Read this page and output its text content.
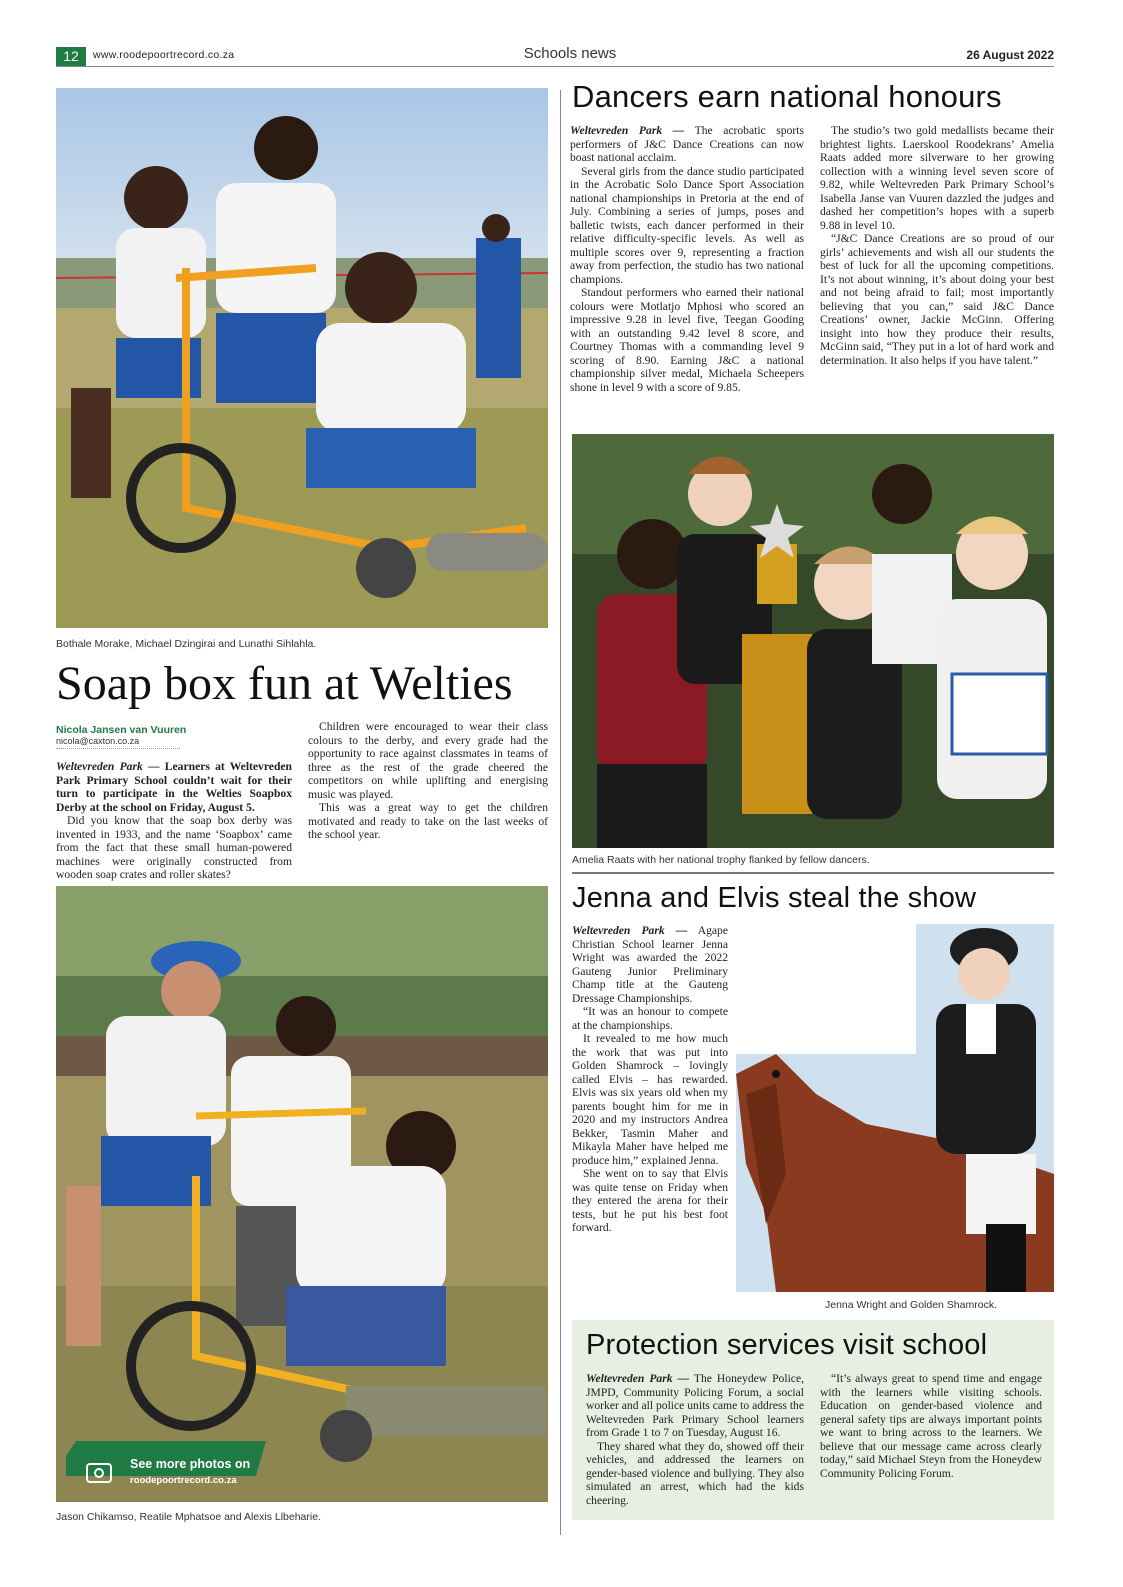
12	www.roodepoortrecord.co.za	Schools news	26 August 2022
Bothale Morake, Michael Dzingirai and Lunathi Sihlahla.
Soap box fun at Welties
Nicola Jansen van Vuuren
nicola@caxton.co.za

Weltevreden Park — Learners at Weltevreden Park Primary School couldn’t wait for their turn to participate in the Welties Soapbox Derby at the school on Friday, August 5.

Did you know that the soap box derby was invented in 1933, and the name ‘Soapbox’ came from the fact that these small human-powered machines were originally constructed from wooden soap crates and roller skates?

Children were encouraged to wear their class colours to the derby, and every grade had the opportunity to race against classmates in teams of three as the rest of the grade cheered the competitors on while uplifting and energising music was played.

This was a great way to get the children motivated and ready to take on the last weeks of the school year.

See more photos on
roodepoortrecord.co.za
Jason Chikamso, Reatile Mphatsoe and Alexis Llbeharie.
Dancers earn national honours

Weltevreden Park — The acrobatic sports performers of J&C Dance Creations can now boast national acclaim.

Several girls from the dance studio participated in the Acrobatic Solo Dance Sport Association national championships in Pretoria at the end of July. Combining a series of jumps, poses and balletic twists, each dancer performed in their relative difficulty-specific levels. As well as multiple scores over 9, representing a fraction away from perfection, the studio has two national champions.

Standout performers who earned their national colours were Motlatjo Mphosi who scored an impressive 9.28 in level five, Teegan Gooding with an outstanding 9.42 level 8 score, and Courtney Thomas with a commanding level 9 scoring of 8.90. Earning J&C a national championship silver medal, Michaela Scheepers shone in level 9 with a score of 9.85.

The studio’s two gold medallists became their brightest lights. Laerskool Roodekrans’ Amelia Raats added more silverware to her growing collection with a winning level seven score of 9.82, while Weltevreden Park Primary School’s Isabella Janse van Vuuren dazzled the judges and dashed her competition’s hopes with a superb 9.88 in level 10.

“J&C Dance Creations are so proud of our girls’ achievements and wish all our students the best of luck for all the upcoming competitions. It’s not about winning, it’s about doing your best and not being afraid to fail; most importantly believing that you can,” said J&C Dance Creations’ owner, Jackie McGinn. Offering insight into how they produce their results, McGinn said, “They put in a lot of hard work and determination. It also helps if you have talent.”

Amelia Raats with her national trophy flanked by fellow dancers.
Jenna and Elvis steal the show

Weltevreden Park — Agape Christian School learner Jenna Wright was awarded the 2022 Gauteng Junior Preliminary Champ title at the Gauteng Dressage Championships.

“It was an honour to compete at the championships.

It revealed to me how much the work that was put into Golden Shamrock – lovingly called Elvis – has rewarded. Elvis was six years old when my parents bought him for me in 2020 and my instructors Andrea Bekker, Tasmin Maher and Mikayla Maher have helped me produce him,” explained Jenna.

She went on to say that Elvis was quite tense on Friday when they entered the arena for their tests, but he put his best foot forward.

Jenna Wright and Golden Shamrock.
Protection services visit school

Weltevreden Park — The Honeydew Police, JMPD, Community Policing Forum, a social worker and all police units came to address the Weltevreden Park Primary School learners from Grade 1 to 7 on Tuesday, August 16.

They shared what they do, showed off their vehicles, and addressed the learners on gender-based violence and bullying. They also simulated an arrest, which had the kids cheering.

“It’s always great to spend time and engage with the learners while visiting schools. Education on gender-based violence and general safety tips are always important points we want to bring across to the learners. We believe that our message came across clearly today,” said Michael Steyn from the Honeydew Community Policing Forum.
